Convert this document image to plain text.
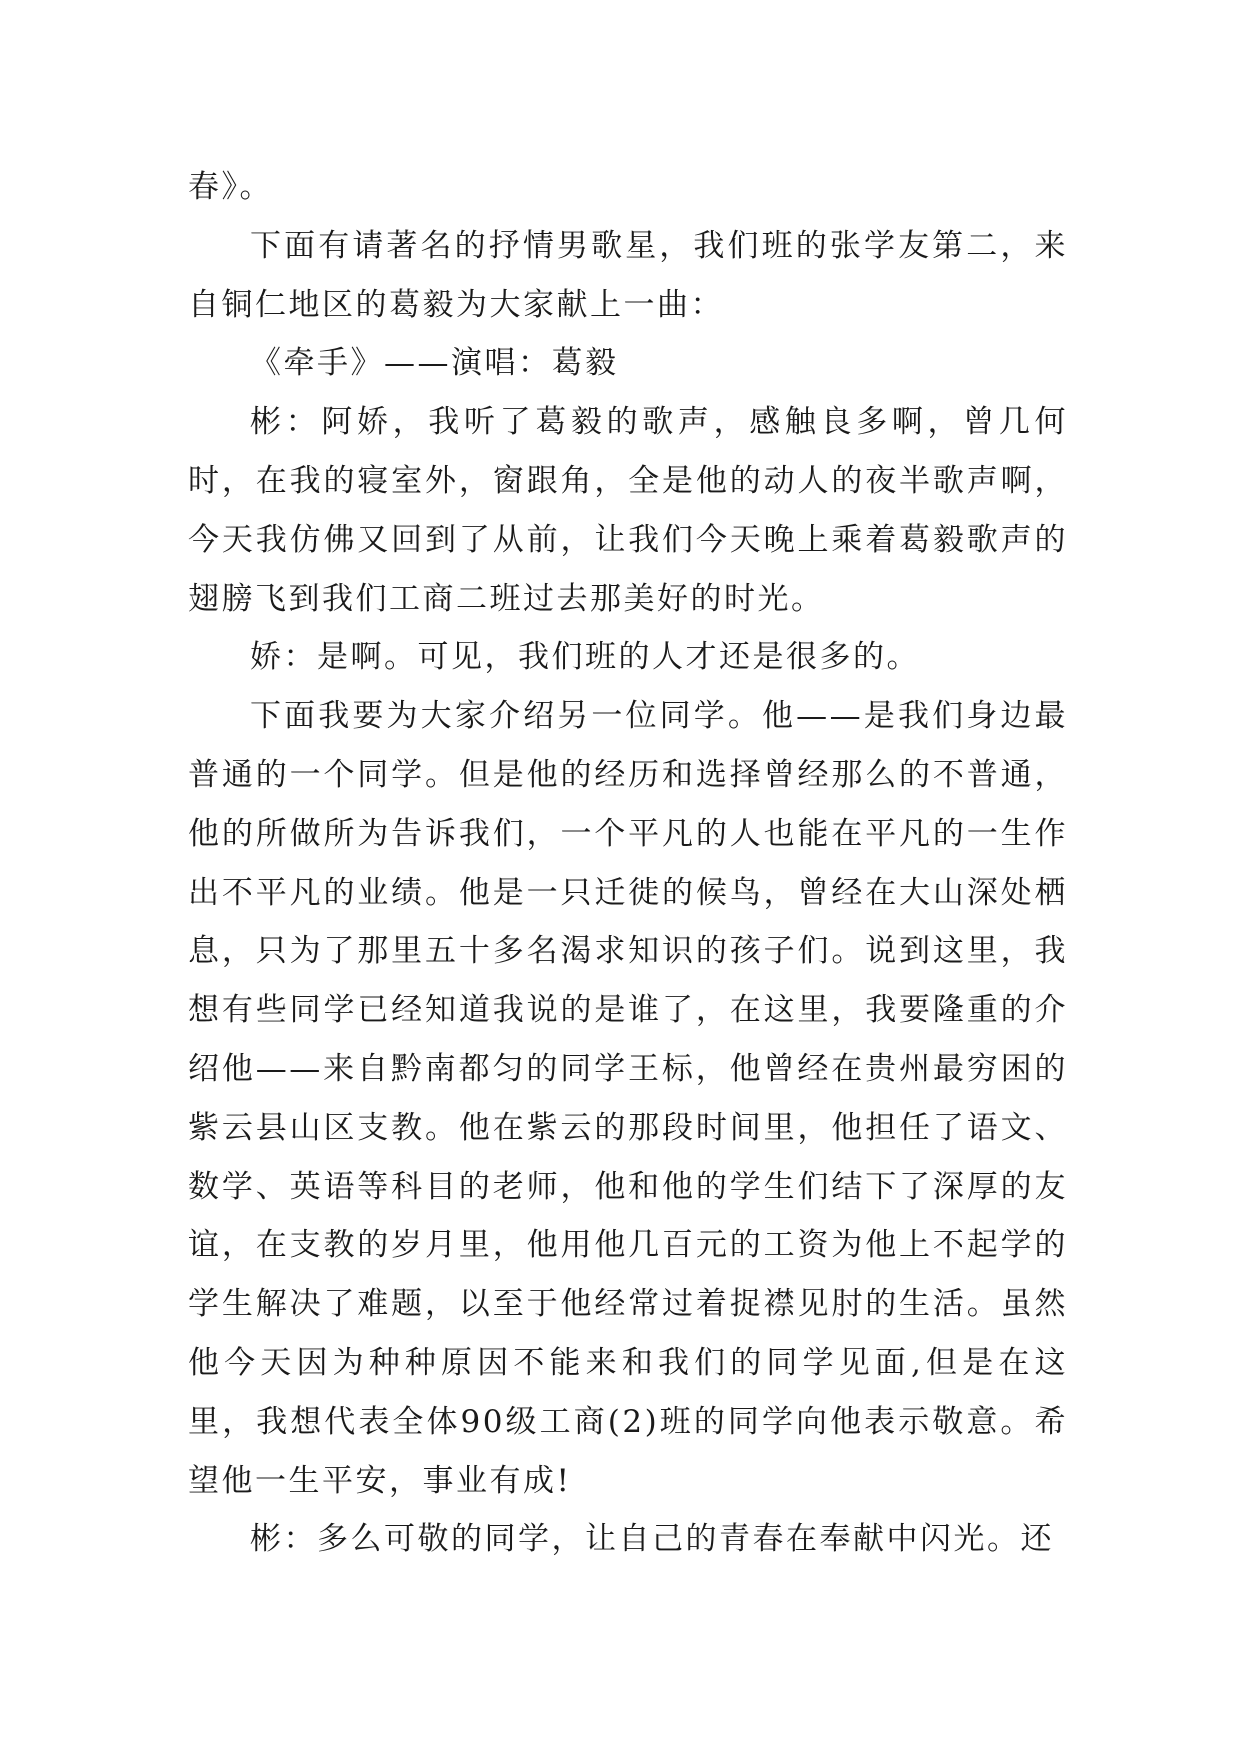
春》。

下面有请著名的抒情男歌星，我们班的张学友第二，来自铜仁地区的葛毅为大家献上一曲：

《牵手》——演唱：葛毅

彬：阿娇，我听了葛毅的歌声，感触良多啊，曾几何时，在我的寝室外，窗跟角，全是他的动人的夜半歌声啊，今天我仿佛又回到了从前，让我们今天晚上乘着葛毅歌声的翅膀飞到我们工商二班过去那美好的时光。

娇：是啊。可见，我们班的人才还是很多的。

下面我要为大家介绍另一位同学。他——是我们身边最普通的一个同学。但是他的经历和选择曾经那么的不普通，他的所做所为告诉我们，一个平凡的人也能在平凡的一生作出不平凡的业绩。他是一只迁徙的候鸟，曾经在大山深处栖息，只为了那里五十多名渴求知识的孩子们。说到这里，我想有些同学已经知道我说的是谁了，在这里，我要隆重的介绍他——来自黔南都匀的同学王标，他曾经在贵州最穷困的紫云县山区支教。他在紫云的那段时间里，他担任了语文、数学、英语等科目的老师，他和他的学生们结下了深厚的友谊，在支教的岁月里，他用他几百元的工资为他上不起学的学生解决了难题，以至于他经常过着捉襟见肘的生活。虽然他今天因为种种原因不能来和我们的同学见面,但是在这里，我想代表全体90级工商(2)班的同学向他表示敬意。希望他一生平安，事业有成!

彬：多么可敬的同学，让自己的青春在奉献中闪光。还
